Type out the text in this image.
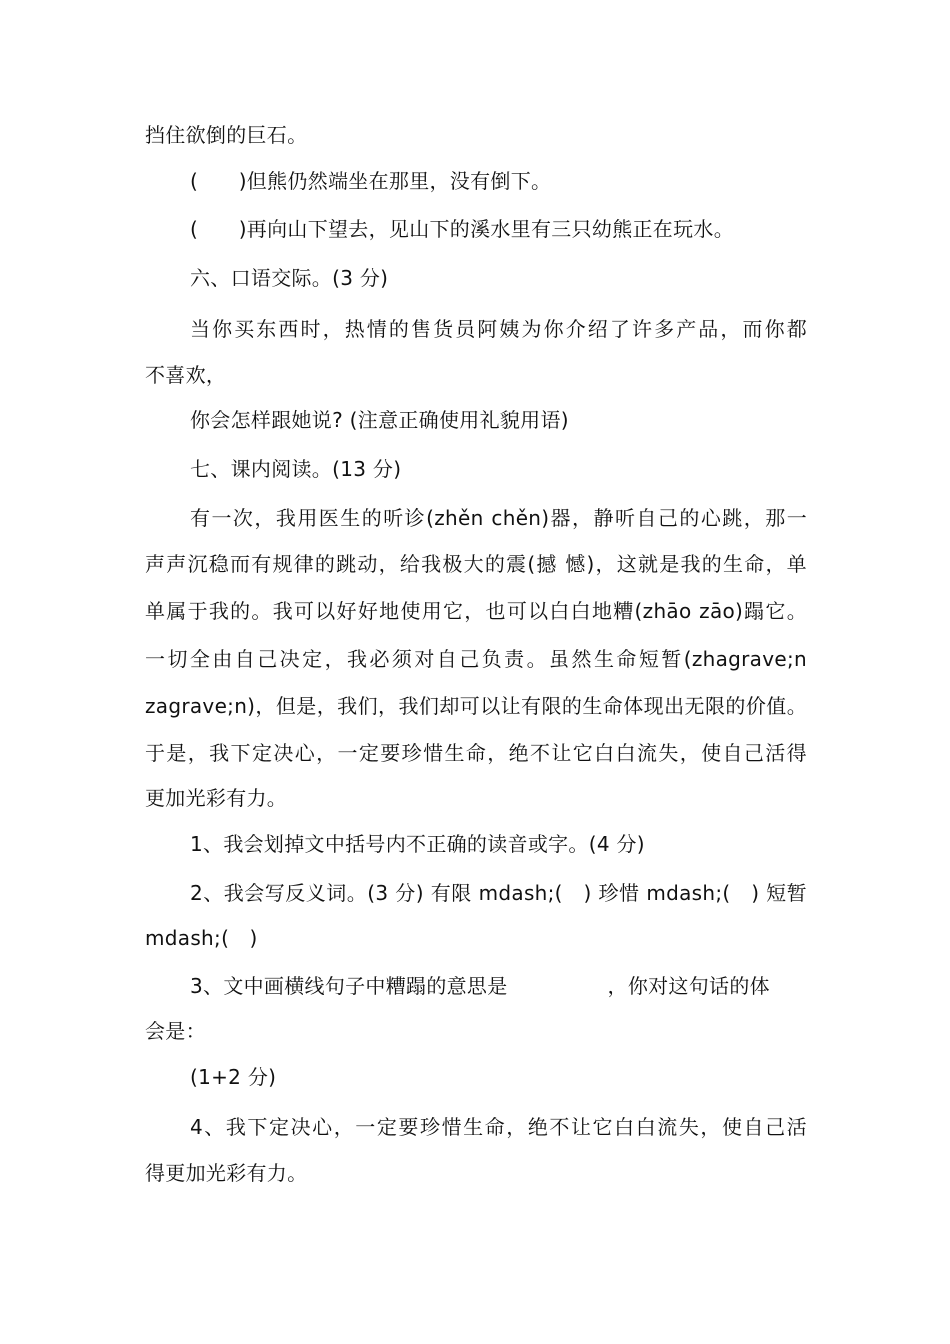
挡住欲倒的巨石。
(　　)但熊仍然端坐在那里，没有倒下。
(　　)再向山下望去，见山下的溪水里有三只幼熊正在玩水。
六、口语交际。(3 分)
当你买东西时，热情的售货员阿姨为你介绍了许多产品，而你都
不喜欢，
你会怎样跟她说? (注意正确使用礼貌用语)
七、课内阅读。(13 分)
有一次，我用医生的听诊(zhěn chěn)器，静听自己的心跳，那一
声声沉稳而有规律的跳动，给我极大的震(撼 憾)，这就是我的生命，单
单属于我的。我可以好好地使用它，也可以白白地糟(zhāo zāo)蹋它。
一切全由自己决定，我必须对自己负责。虽然生命短暂(zhagrave;n
zagrave;n)，但是，我们，我们却可以让有限的生命体现出无限的价值。
于是，我下定决心，一定要珍惜生命，绝不让它白白流失，使自己活得
更加光彩有力。
1、我会划掉文中括号内不正确的读音或字。(4 分)
2、我会写反义词。(3 分) 有限 mdash;(　) 珍惜 mdash;(　) 短暂
mdash;(　)
3、文中画横线句子中糟蹋的意思是	，你对这句话的体
会是：
(1+2 分)
4、我下定决心，一定要珍惜生命，绝不让它白白流失，使自己活
得更加光彩有力。
